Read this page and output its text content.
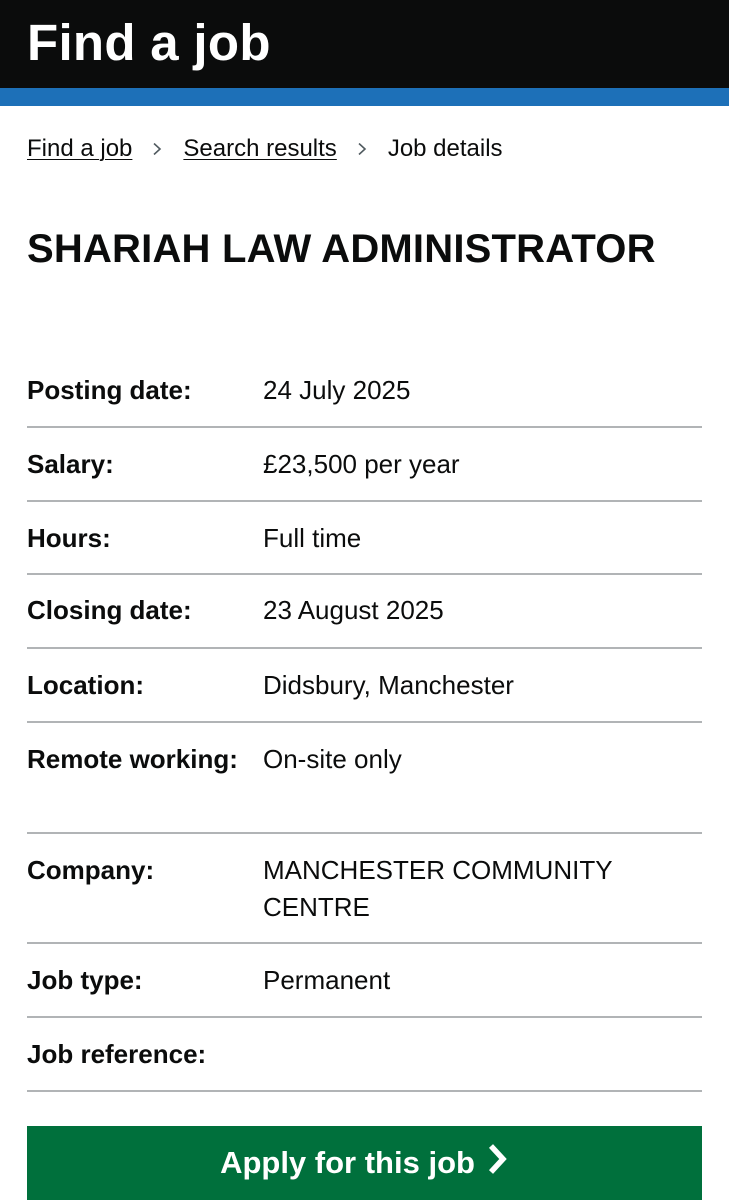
Find a job
Find a job Search results Job details
SHARIAH LAW ADMINISTRATOR
Posting date:	24 July 2025
Salary:	£23,500 per year
Hours:	Full time
Closing date:	23 August 2025
Location:	Didsbury, Manchester
Remote working: On-site only
Company:	MANCHESTER COMMUNITY CENTRE
Job type:	Permanent
Job reference:
Apply for this job
